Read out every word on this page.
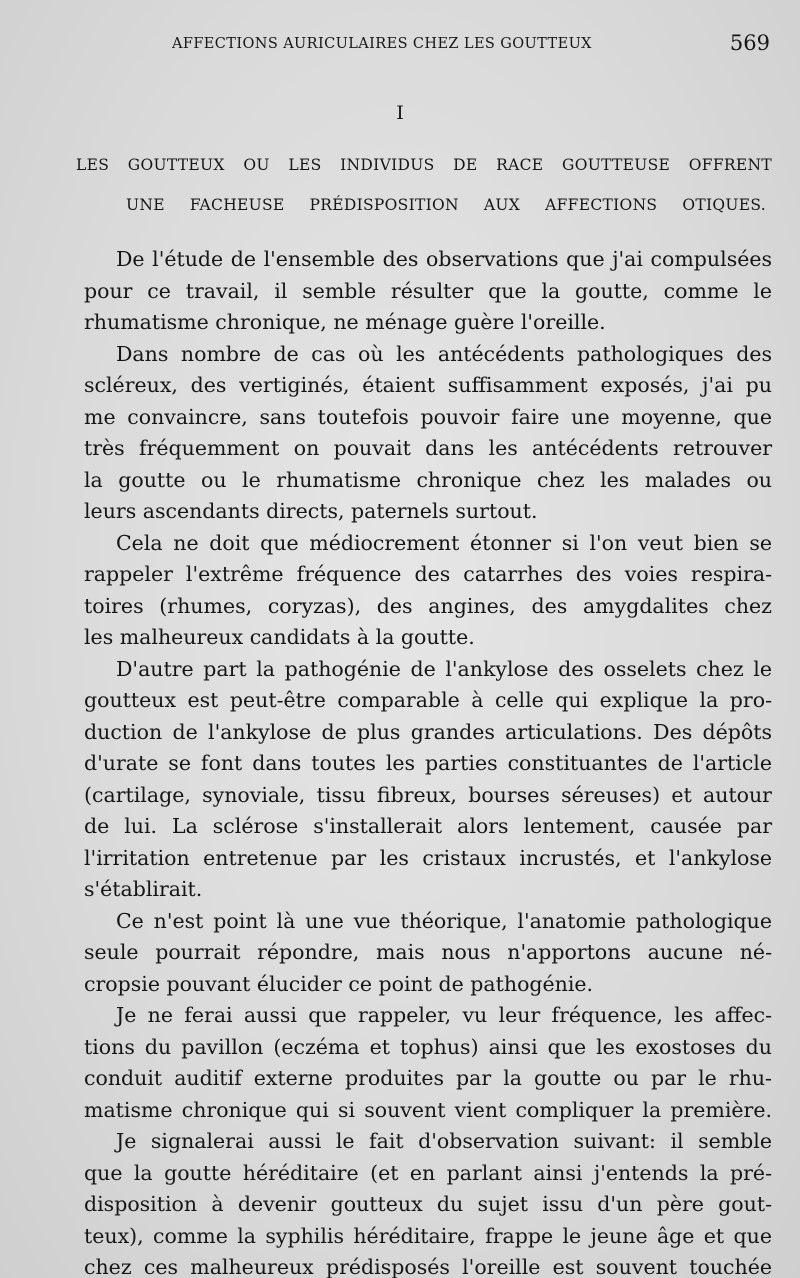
AFFECTIONS AURICULAIRES CHEZ LES GOUTTEUX	569
I
LES GOUTTEUX OU LES INDIVIDUS DE RACE GOUTTEUSE OFFRENT
UNE FACHEUSE PRÉDISPOSITION AUX AFFECTIONS OTIQUES.
De l'étude de l'ensemble des observations que j'ai compulsées
pour ce travail, il semble résulter que la goutte, comme le
rhumatisme chronique, ne ménage guère l'oreille.
Dans nombre de cas où les antécédents pathologiques des
scléreux, des vertiginés, étaient suffisamment exposés, j'ai pu
me convaincre, sans toutefois pouvoir faire une moyenne, que
très fréquemment on pouvait dans les antécédents retrouver
la goutte ou le rhumatisme chronique chez les malades ou
leurs ascendants directs, paternels surtout.
Cela ne doit que médiocrement étonner si l'on veut bien se
rappeler l'extrême fréquence des catarrhes des voies respira-
toires (rhumes, coryzas), des angines, des amygdalites chez
les malheureux candidats à la goutte.
D'autre part la pathogénie de l'ankylose des osselets chez le
goutteux est peut-être comparable à celle qui explique la pro-
duction de l'ankylose de plus grandes articulations. Des dépôts
d'urate se font dans toutes les parties constituantes de l'article
(cartilage, synoviale, tissu fibreux, bourses séreuses) et autour
de lui. La sclérose s'installerait alors lentement, causée par
l'irritation entretenue par les cristaux incrustés, et l'ankylose
s'établirait.
Ce n'est point là une vue théorique, l'anatomie pathologique
seule pourrait répondre, mais nous n'apportons aucune né-
cropsie pouvant élucider ce point de pathogénie.
Je ne ferai aussi que rappeler, vu leur fréquence, les affec-
tions du pavillon (eczéma et tophus) ainsi que les exostoses du
conduit auditif externe produites par la goutte ou par le rhu-
matisme chronique qui si souvent vient compliquer la première.
Je signalerai aussi le fait d'observation suivant: il semble
que la goutte héréditaire (et en parlant ainsi j'entends la pré-
disposition à devenir goutteux du sujet issu d'un père gout-
teux), comme la syphilis héréditaire, frappe le jeune âge et que
chez ces malheureux prédisposés l'oreille est souvent touchée
